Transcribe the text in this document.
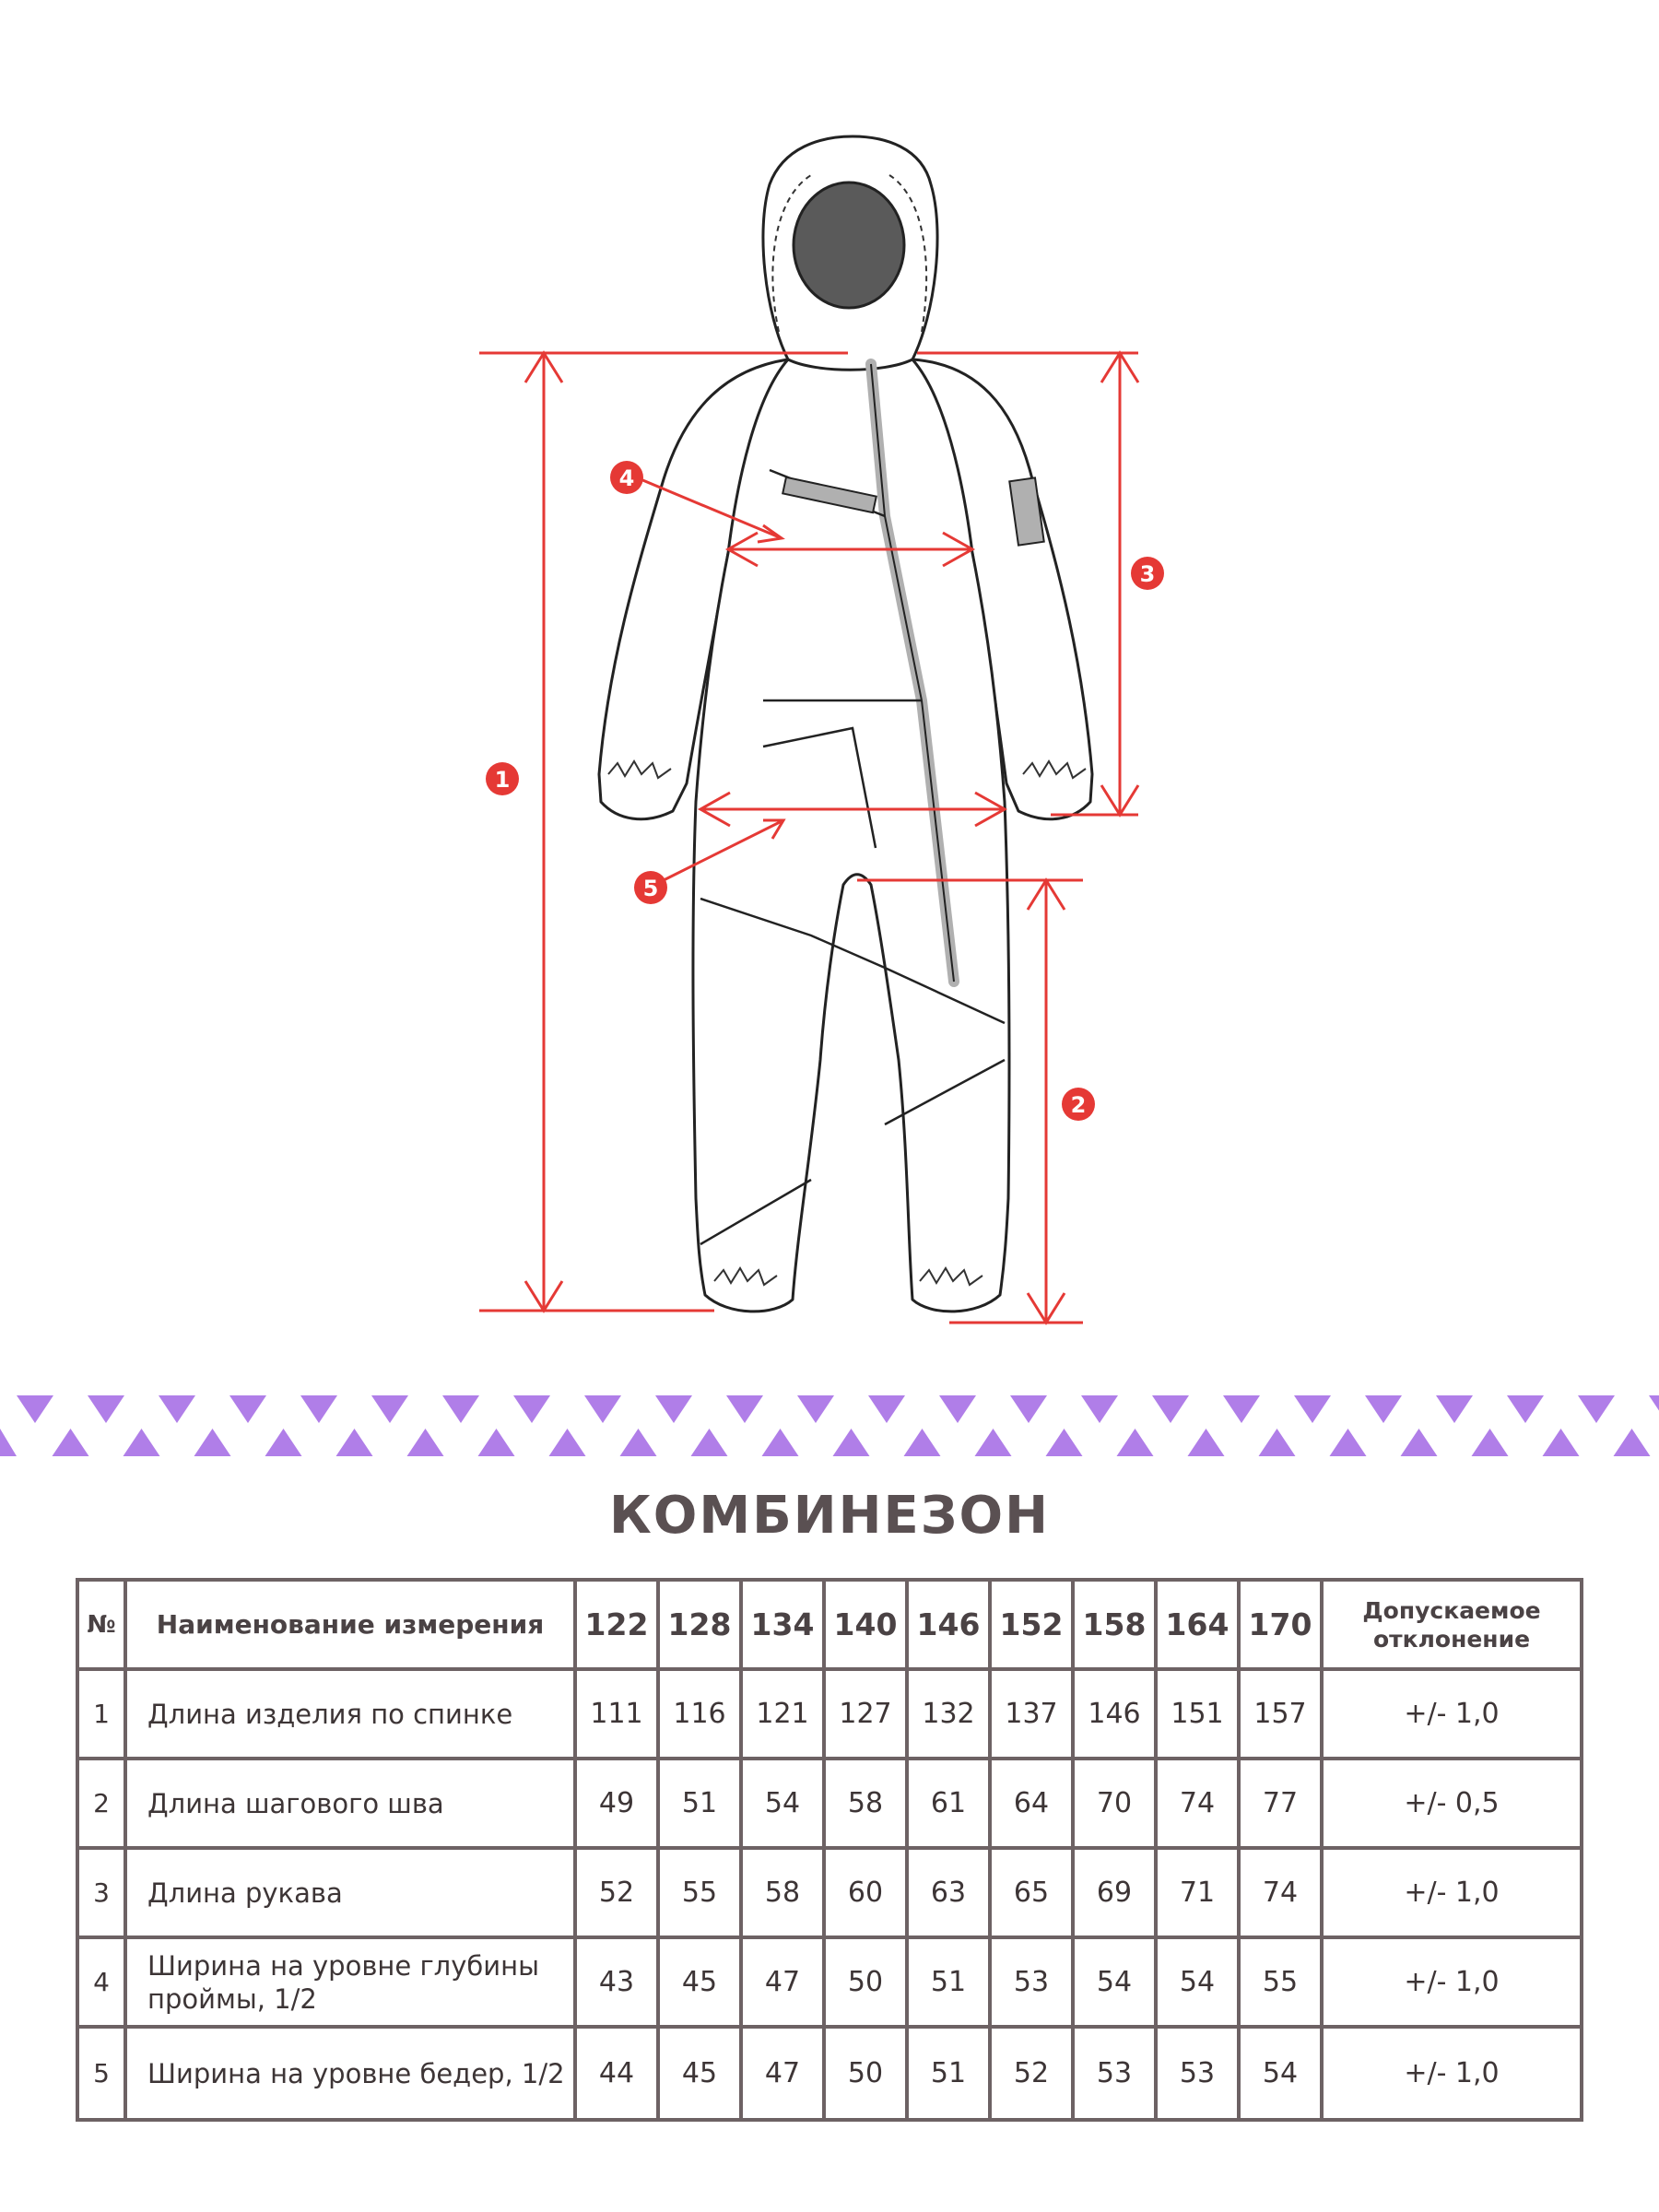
1
2
3
4
5
КОМБИНЕЗОН
№	Наименование измерения	122	128	134	140	146	152	158	164	170	Допускаемое
отклонение

1	Длина изделия по спинке	111	116	121	127	132	137	146	151	157	+/- 1,0
2	Длина шагового шва	49	51	54	58	61	64	70	74	77	+/- 0,5
3	Длина рукава	52	55	58	60	63	65	69	71	74	+/- 1,0
4	Ширина на уровне глубины
проймы, 1/2	43	45	47	50	51	53	54	54	55	+/- 1,0
5	Ширина на уровне бедер, 1/2	44	45	47	50	51	52	53	53	54	+/- 1,0
